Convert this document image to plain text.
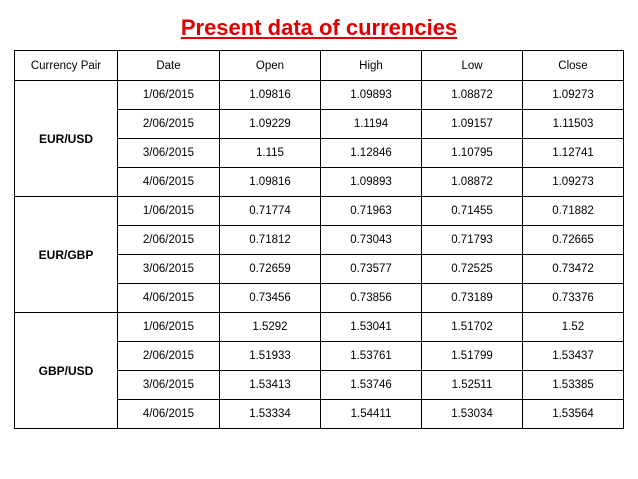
Present data of currencies
Currency Pair	Date	Open	High	Low	Close
EUR/USD	1/06/2015	1.09816	1.09893	1.08872	1.09273
	2/06/2015	1.09229	1.1194	1.09157	1.11503
	3/06/2015	1.115	1.12846	1.10795	1.12741
	4/06/2015	1.09816	1.09893	1.08872	1.09273
EUR/GBP	1/06/2015	0.71774	0.71963	0.71455	0.71882
	2/06/2015	0.71812	0.73043	0.71793	0.72665
	3/06/2015	0.72659	0.73577	0.72525	0.73472
	4/06/2015	0.73456	0.73856	0.73189	0.73376
GBP/USD	1/06/2015	1.5292	1.53041	1.51702	1.52
	2/06/2015	1.51933	1.53761	1.51799	1.53437
	3/06/2015	1.53413	1.53746	1.52511	1.53385
	4/06/2015	1.53334	1.54411	1.53034	1.53564
